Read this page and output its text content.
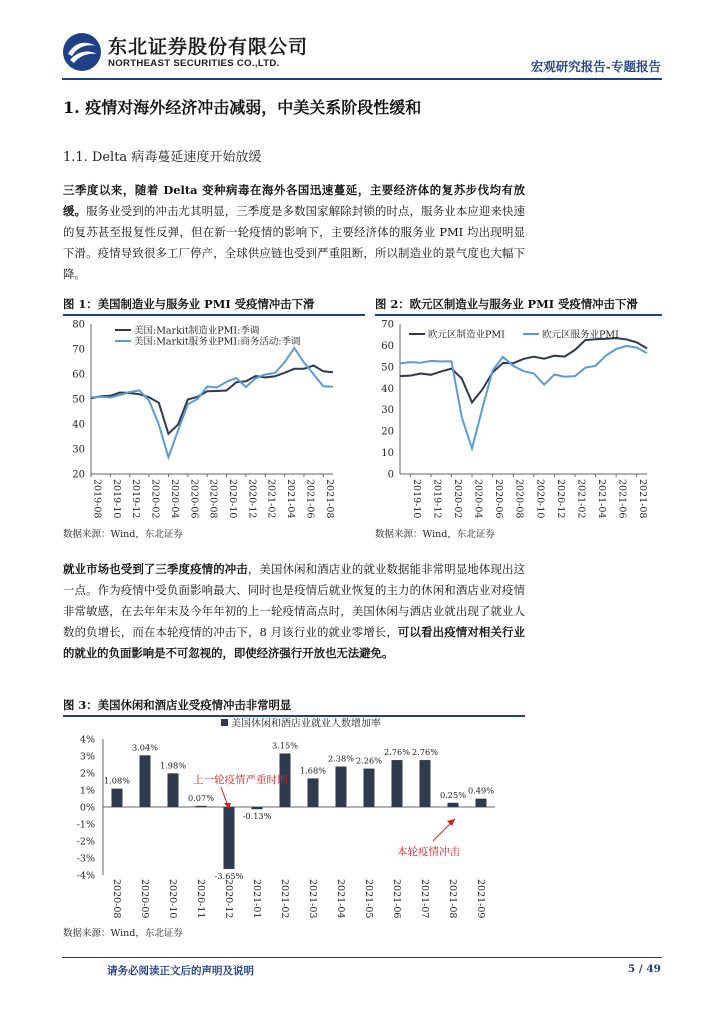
东北证券股份有限公司
NORTHEAST SECURITIES CO.,LTD.	宏观研究报告-专题报告
1. 疫情对海外经济冲击减弱，中美关系阶段性缓和
1.1. Delta 病毒蔓延速度开始放缓
三季度以来，随着 Delta 变种病毒在海外各国迅速蔓延，主要经济体的复苏步伐均有放缓。服务业受到的冲击尤其明显，三季度是多数国家解除封锁的时点，服务业本应迎来快速的复苏甚至报复性反弹，但在新一轮疫情的影响下，主要经济体的服务业 PMI 均出现明显下滑。疫情导致很多工厂停产，全球供应链也受到严重阻断，所以制造业的景气度也大幅下降。
图 1：美国制造业与服务业 PMI 受疫情冲击下滑
20
30
40
50
60
70
80
2019-08 2019-10 2019-12 2020-02 2020-04 2020-06 2020-08 2020-10 2020-12 2021-02 2021-04 2021-06 2021-08
美国:Markit制造业PMI:季调
美国:Markit服务业PMI:商务活动:季调
数据来源：Wind，东北证券
图 2：欧元区制造业与服务业 PMI 受疫情冲击下滑
0
10
20
30
40
50
60
70
2019-10 2019-12 2020-02 2020-04 2020-06 2020-08 2020-10 2020-12 2021-02 2021-04 2021-06 2021-08
欧元区制造业PMI	欧元区服务业PMI
数据来源：Wind，东北证券
就业市场也受到了三季度疫情的冲击，美国休闲和酒店业的就业数据能非常明显地体现出这一点。作为疫情中受负面影响最大、同时也是疫情后就业恢复的主力的休闲和酒店业对疫情非常敏感，在去年年末及今年年初的上一轮疫情高点时，美国休闲与酒店业就出现了就业人数的负增长，而在本轮疫情的冲击下，8 月该行业的就业零增长，可以看出疫情对相关行业的就业的负面影响是不可忽视的，即使经济强行开放也无法避免。
图 3：美国休闲和酒店业受疫情冲击非常明显
美国休闲和酒店业就业人数增加率
4%
3%
2%
1%
0%
-1%
-2%
-3%
-4%
1.08%
2020-08
3.04%
2020-09
1.98%
2020-10
0.07%
2020-11
-3.65%
2020-12
-0.13%
2021-01
3.15%
2021-02
1.68%
2021-03
2.38%
2021-04
2.26%
2021-05
2.76%
2021-06
2.76%
2021-07
0.25%
2021-08
0.49%
2021-09
上一轮疫情严重时期
本轮疫情冲击
数据来源：Wind，东北证券
请务必阅读正文后的声明及说明	5 / 49
